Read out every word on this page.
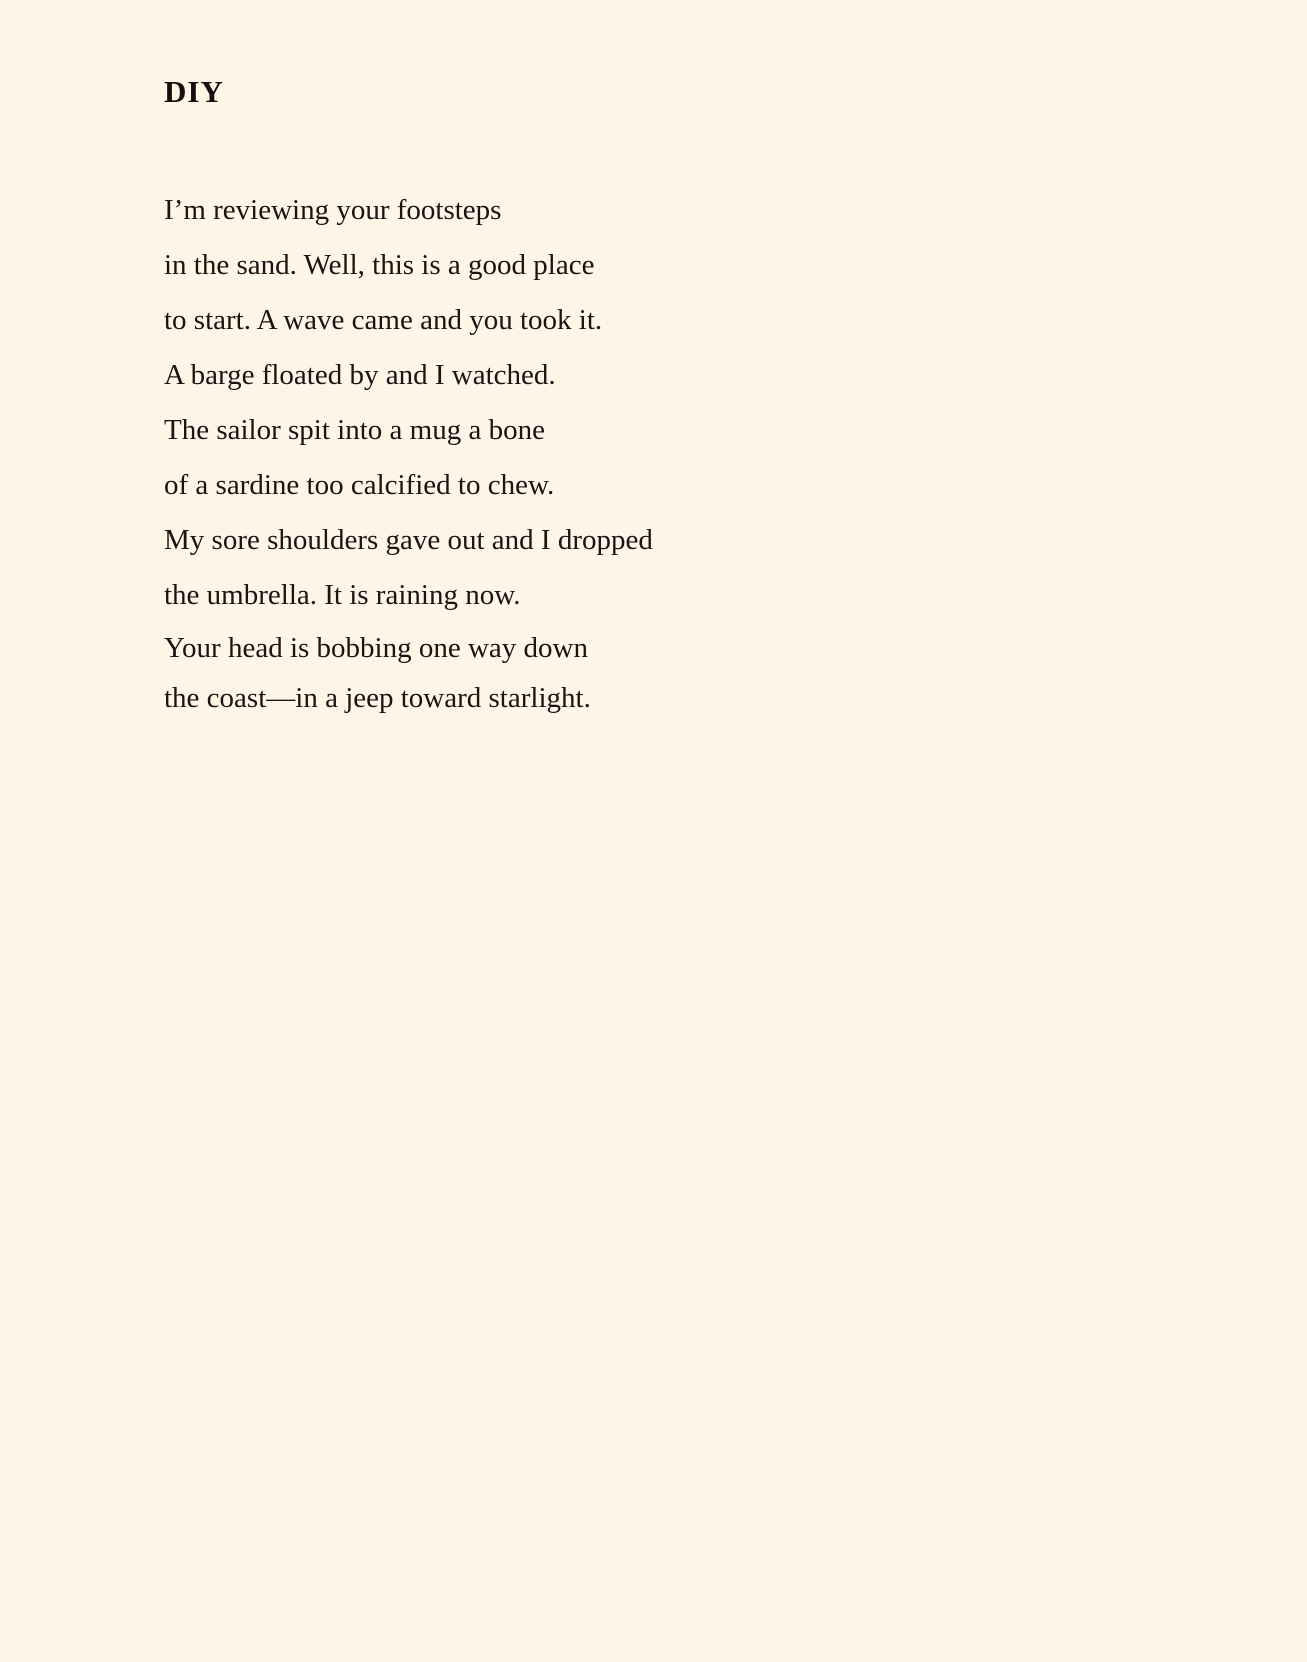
DIY
I’m reviewing your footsteps
in the sand. Well, this is a good place
to start. A wave came and you took it.
A barge floated by and I watched.
The sailor spit into a mug a bone
of a sardine too calcified to chew.
My sore shoulders gave out and I dropped
the umbrella. It is raining now.
Your head is bobbing one way down
the coast—in a jeep toward starlight.
